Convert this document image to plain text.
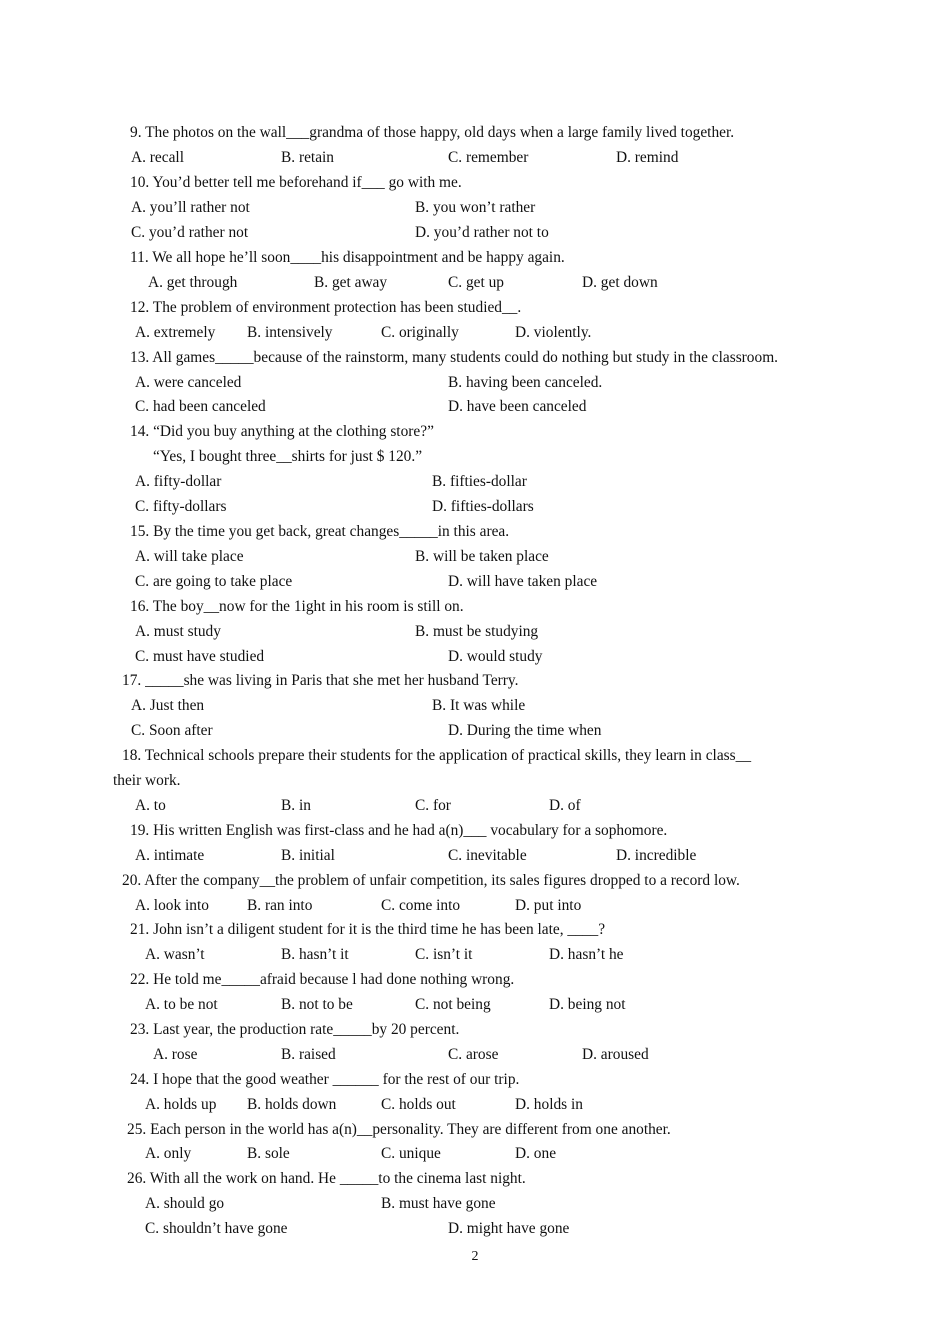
9. The photos on the wall___grandma of those happy, old days when a large family lived together.
A. recall	B. retain	C. remember	D. remind
10. You’d better tell me beforehand if___ go with me.
A. you’ll rather not	B. you won’t rather
C. you’d rather not	D. you’d rather not to
11. We all hope he’ll soon____his disappointment and be happy again.
A. get through	B. get away	C. get up	D. get down
12. The problem of environment protection has been studied__.
A. extremely B. intensively	C. originally	D. violently.
13. All games_____because of the rainstorm, many students could do nothing but study in the classroom.
A. were canceled	B. having been canceled.
C. had been canceled	D. have been canceled
14. “Did you buy anything at the clothing store?”
“Yes, I bought three__shirts for just $ 120.”
A. fifty-dollar	B. fifties-dollar
C. fifty-dollars	D. fifties-dollars
15. By the time you get back, great changes_____in this area.
A. will take place	B. will be taken place
C. are going to take place	D. will have taken place
16. The boy__now for the 1ight in his room is still on.
A. must study	B. must be studying
C. must have studied	D. would study
17. _____she was living in Paris that she met her husband Terry.
A. Just then	B. It was while
C. Soon after	D. During the time when
18. Technical schools prepare their students for the application of practical skills, they learn in class__
their work.
A. to	B. in	C. for	D. of
19. His written English was first-class and he had a(n)___ vocabulary for a sophomore.
A. intimate	B. initial	C. inevitable	D. incredible
20. After the company__the problem of unfair competition, its sales figures dropped to a record low.
A. look into B. ran into	C. come into	D. put into
21. John isn’t a diligent student for it is the third time he has been late, ____?
A. wasn’t	B. hasn’t it	C. isn’t it	D. hasn’t he
22. He told me_____afraid because l had done nothing wrong.
A. to be not	B. not to be	C. not being	D. being not
23. Last year, the production rate_____by 20 percent.
A. rose	B. raised	C. arose	D. aroused
24. I hope that the good weather ______ for the rest of our trip.
A. holds up B. holds down	C. holds out	D. holds in
25. Each person in the world has a(n)__personality. They are different from one another.
A. only	B. sole	C. unique	D. one
26. With all the work on hand. He _____to the cinema last night.
A. should go	B. must have gone
C. shouldn’t have gone	D. might have gone
2
